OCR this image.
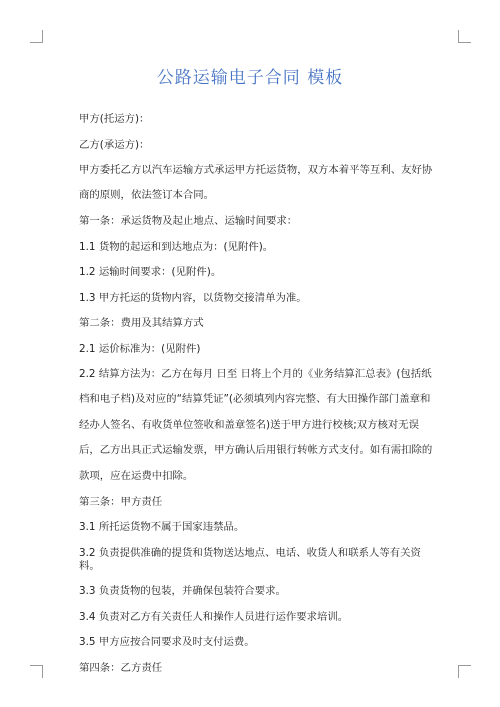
公路运输电子合同 模板

甲方(托运方)：

乙方(承运方)：

甲方委托乙方以汽车运输方式承运甲方托运货物，双方本着平等互利、友好协商的原则，依法签订本合同。

第一条：承运货物及起止地点、运输时间要求：

1.1 货物的起运和到达地点为：(见附件)。

1.2 运输时间要求：(见附件)。

1.3 甲方托运的货物内容，以货物交接清单为准。

第二条：费用及其结算方式

2.1 运价标准为：(见附件)

2.2 结算方法为：乙方在每月 日至 日将上个月的《业务结算汇总表》(包括纸档和电子档)及对应的“结算凭证”(必须填列内容完整、有大田操作部门盖章和经办人签名、有收货单位签收和盖章签名)送于甲方进行校核;双方核对无误后，乙方出具正式运输发票，甲方确认后用银行转帐方式支付。如有需扣除的款项，应在运费中扣除。

第三条：甲方责任

3.1 所托运货物不属于国家违禁品。

3.2 负责提供准确的提货和货物送达地点、电话、收货人和联系人等有关资料。

3.3 负责货物的包装，并确保包装符合要求。

3.4 负责对乙方有关责任人和操作人员进行运作要求培训。

3.5 甲方应按合同要求及时支付运费。

第四条：乙方责任
